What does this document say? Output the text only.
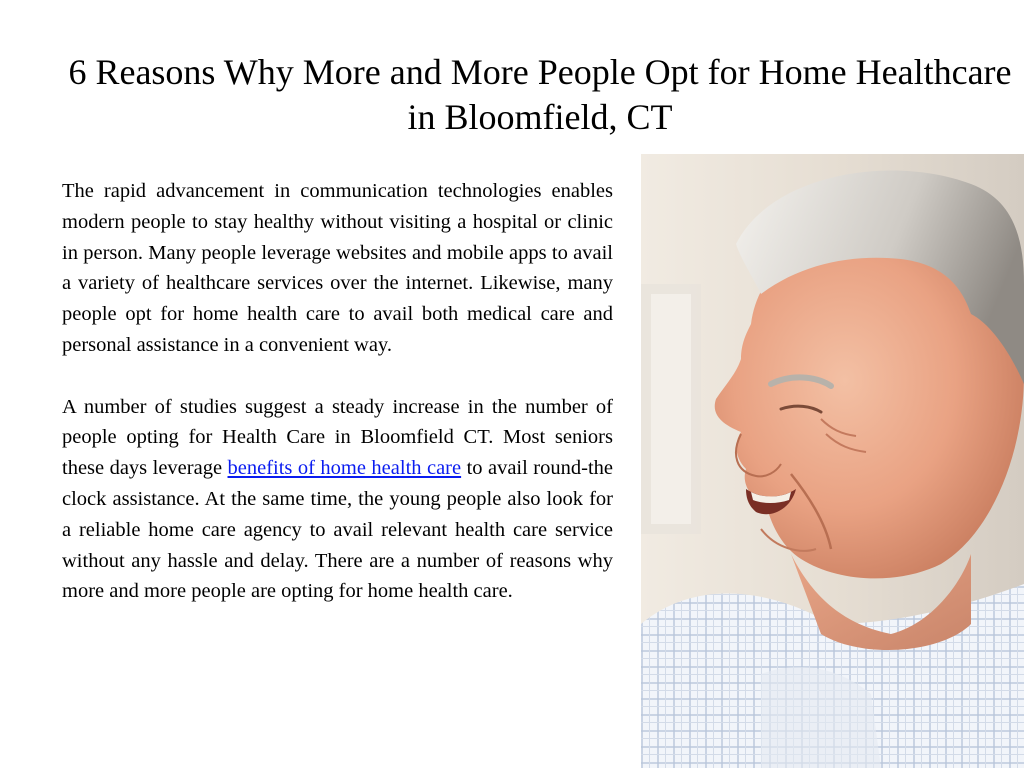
6 Reasons Why More and More People Opt for Home Healthcare in Bloomfield, CT

The rapid advancement in communication technologies enables modern people to stay healthy without visiting a hospital or clinic in person. Many people leverage websites and mobile apps to avail a variety of healthcare services over the internet. Likewise, many people opt for home health care to avail both medical care and personal assistance in a convenient way.

A number of studies suggest a steady increase in the number of people opting for Health Care in Bloomfield CT. Most seniors these days leverage benefits of home health care to avail round-the clock assistance. At the same time, the young people also look for a reliable home care agency to avail relevant health care service without any hassle and delay. There are a number of reasons why more and more people are opting for home health care.
